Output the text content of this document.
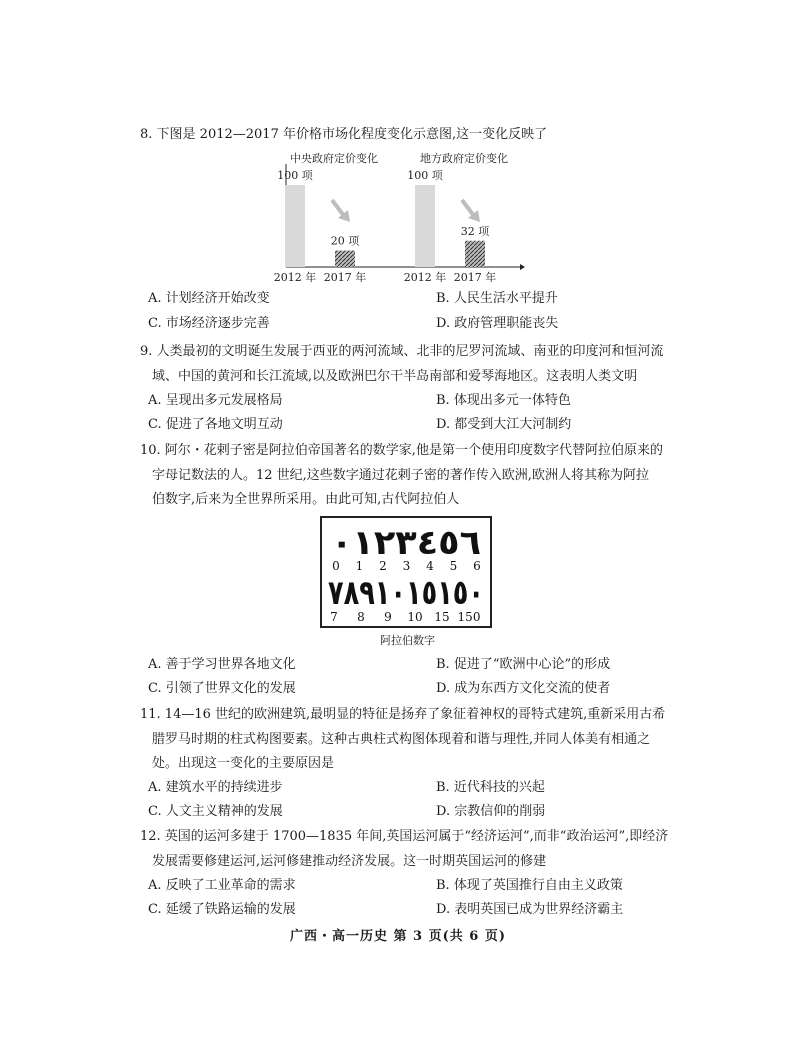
8. 下图是 2012—2017 年价格市场化程度变化示意图,这一变化反映了
中央政府定价变化
100 项
2012 年
20 项
2017 年
地方政府定价变化
100 项
2012 年
32 项
2017 年
A. 计划经济开始改变	B. 人民生活水平提升
C. 市场经济逐步完善	D. 政府管理职能丧失
9. 人类最初的文明诞生发展于西亚的两河流域、北非的尼罗河流域、南亚的印度河和恒河流
域、中国的黄河和长江流域,以及欧洲巴尔干半岛南部和爱琴海地区。这表明人类文明
A. 呈现出多元发展格局	B. 体现出多元一体特色
C. 促进了各地文明互动	D. 都受到大江大河制约
10. 阿尔・花剌子密是阿拉伯帝国著名的数学家,他是第一个使用印度数字代替阿拉伯原来的
字母记数法的人。12 世纪,这些数字通过花剌子密的著作传入欧洲,欧洲人将其称为阿拉
伯数字,后来为全世界所采用。由此可知,古代阿拉伯人
٠١٢٣٤٥٦
0 1 2 3 4 5 6
٧٨٩١٠١٥١٥٠
7 8 9 10 15 150
阿拉伯数字
A. 善于学习世界各地文化	B. 促进了“欧洲中心论”的形成
C. 引领了世界文化的发展	D. 成为东西方文化交流的使者
11. 14—16 世纪的欧洲建筑,最明显的特征是扬弃了象征着神权的哥特式建筑,重新采用古希
腊罗马时期的柱式构图要素。这种古典柱式构图体现着和谐与理性,并同人体美有相通之
处。出现这一变化的主要原因是
A. 建筑水平的持续进步	B. 近代科技的兴起
C. 人文主义精神的发展	D. 宗教信仰的削弱
12. 英国的运河多建于 1700—1835 年间,英国运河属于“经济运河”,而非“政治运河”,即经济
发展需要修建运河,运河修建推动经济发展。这一时期英国运河的修建
A. 反映了工业革命的需求	B. 体现了英国推行自由主义政策
C. 延缓了铁路运输的发展	D. 表明英国已成为世界经济霸主
广西・高一历史 第 3 页(共 6 页)
